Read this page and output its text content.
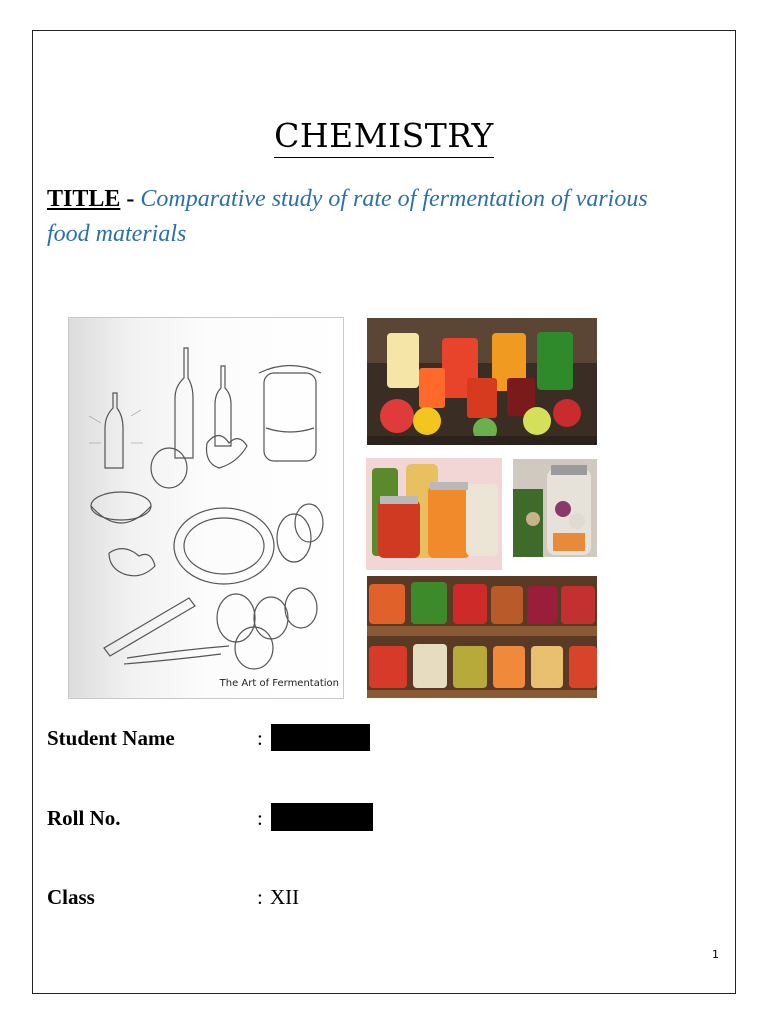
CHEMISTRY
TITLE - Comparative study of rate of fermentation of various food materials
The Art of Fermentation
Student Name	:
Roll No.	:
Class	: XII
1
